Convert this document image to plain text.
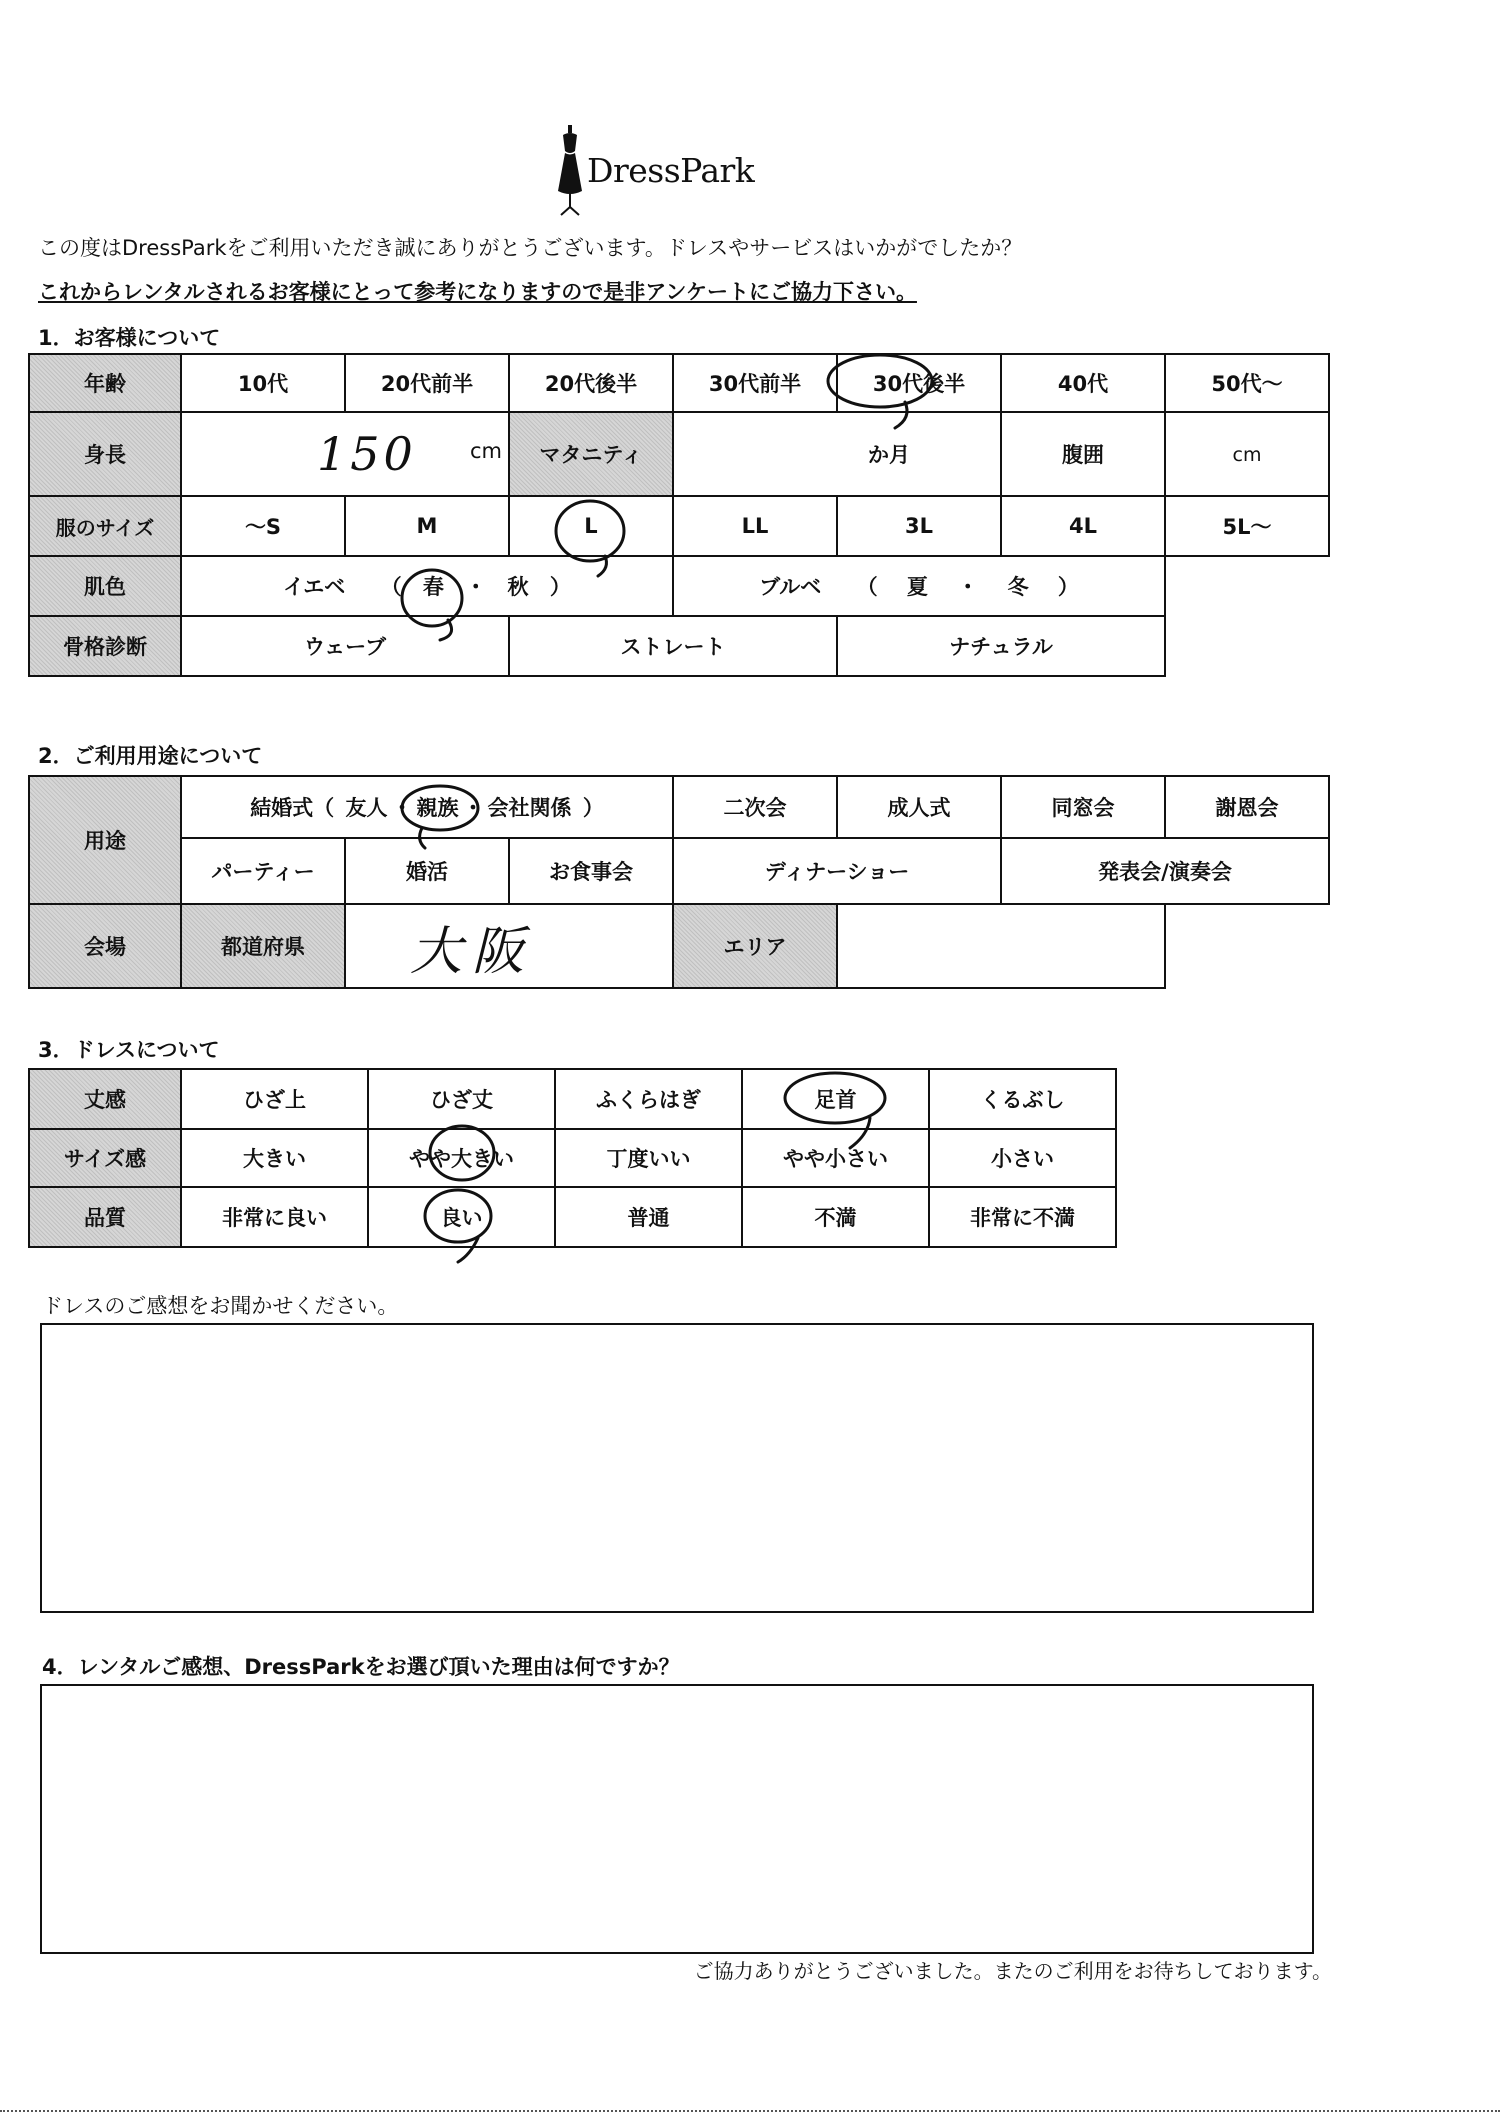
DressPark
この度はDressParkをご利用いただき誠にありがとうございます。ドレスやサービスはいかがでしたか？
これからレンタルされるお客様にとって参考になりますので是非アンケートにご協力下さい。
1．お客様について
年齢	10代	20代前半	20代後半	30代前半	30代後半	40代	50代〜
身長	150 cm		マタニティ	か月		腹囲	cm
服のサイズ	〜S	M	L	LL	3L	4L	5L〜
肌色	イエベ （ 春 ・ 秋 ）			ブルベ （ 夏 ・ 冬 ）			
骨格診断	ウェーブ		ストレート		ナチュラル		
2．ご利用用途について
用途	結婚式（ 友人 ・ 親族 ・ 会社関係 ）			二次会	成人式	同窓会	謝恩会
	パーティー	婚活	お食事会	ディナーショー		発表会/演奏会	
会場	都道府県	大阪		エリア			
3．ドレスについて
丈感	ひざ上	ひざ丈	ふくらはぎ	足首	くるぶし
サイズ感	大きい	やや大きい	丁度いい	やや小さい	小さい
品質	非常に良い	良い	普通	不満	非常に不満
ドレスのご感想をお聞かせください。
4．レンタルご感想、DressParkをお選び頂いた理由は何ですか？
ご協力ありがとうございました。またのご利用をお待ちしております。
